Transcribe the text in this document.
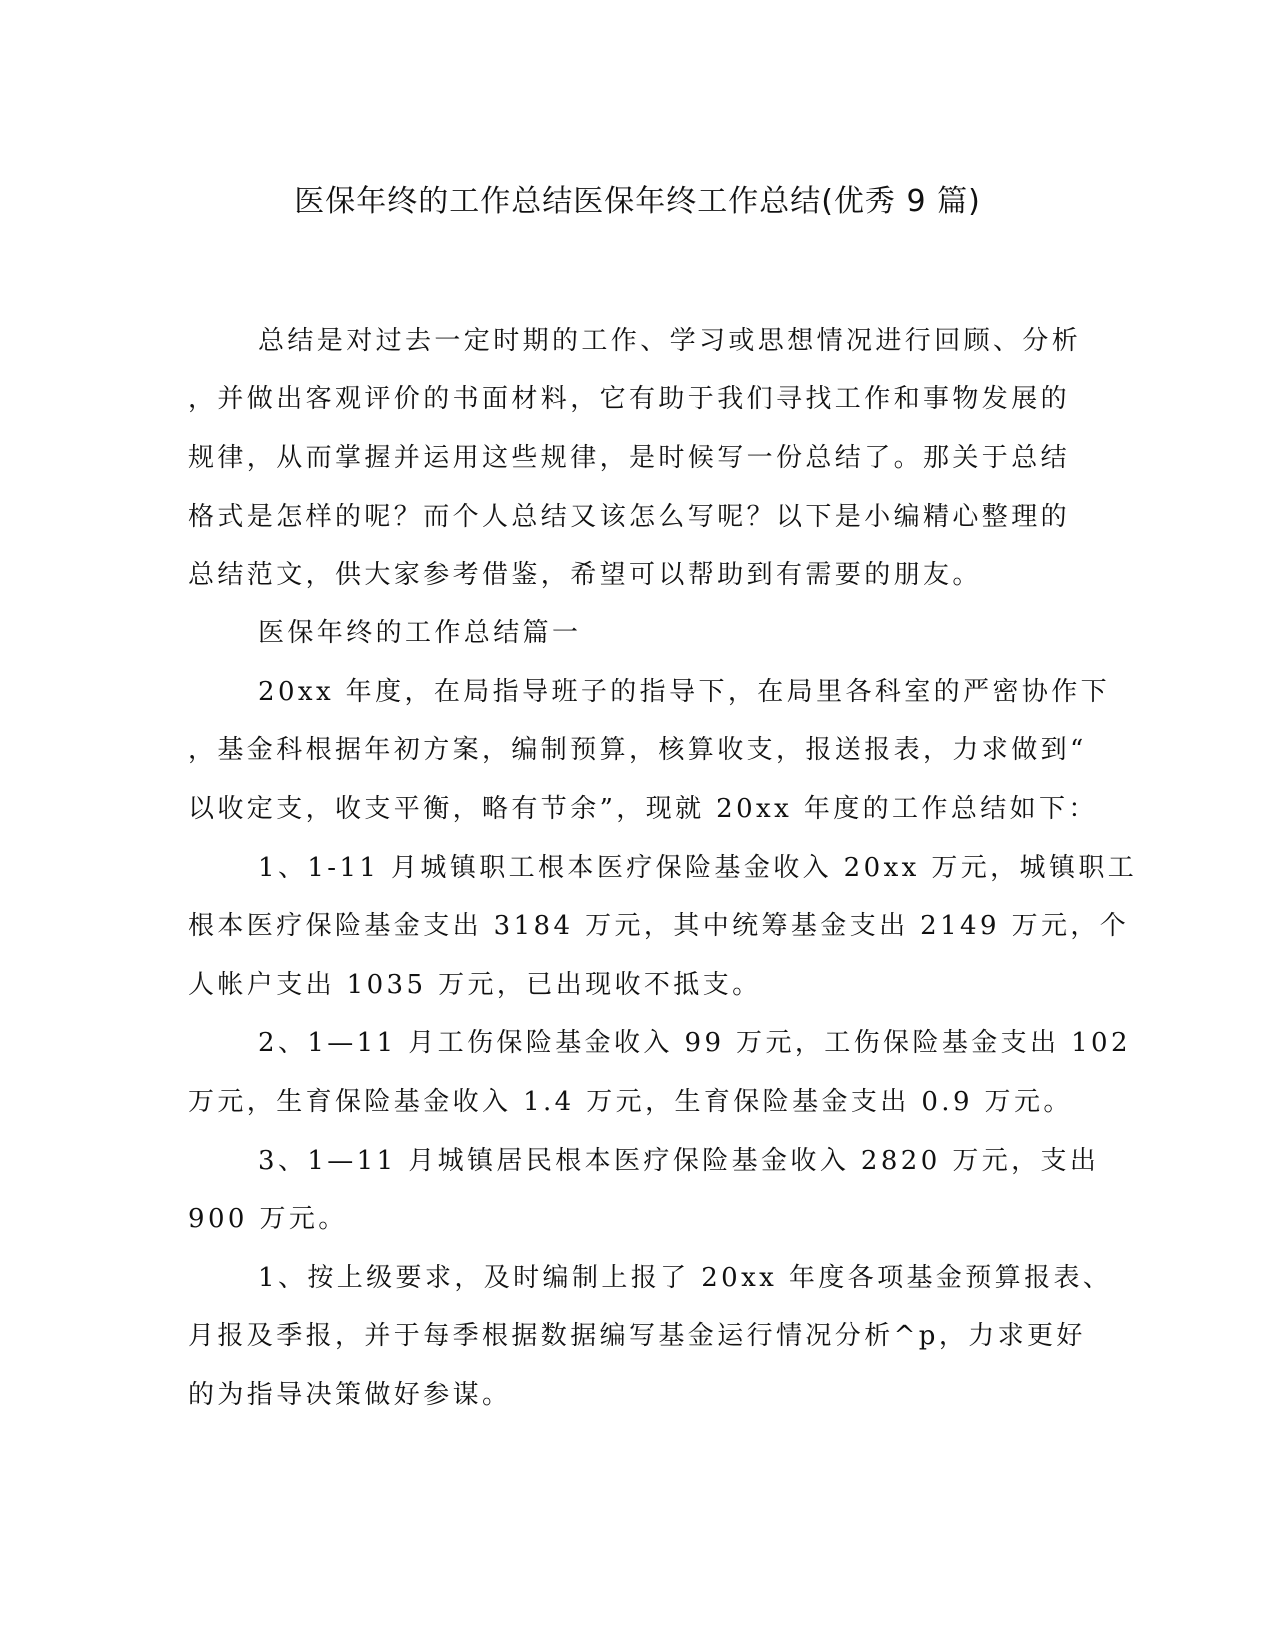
医保年终的工作总结医保年终工作总结(优秀 9 篇)
总结是对过去一定时期的工作、学习或思想情况进行回顾、分析
，并做出客观评价的书面材料，它有助于我们寻找工作和事物发展的
规律，从而掌握并运用这些规律，是时候写一份总结了。那关于总结
格式是怎样的呢？而个人总结又该怎么写呢？以下是小编精心整理的
总结范文，供大家参考借鉴，希望可以帮助到有需要的朋友。
医保年终的工作总结篇一
20xx 年度，在局指导班子的指导下，在局里各科室的严密协作下
，基金科根据年初方案，编制预算，核算收支，报送报表，力求做到“
以收定支，收支平衡，略有节余”，现就 20xx 年度的工作总结如下：
1、1-11 月城镇职工根本医疗保险基金收入 20xx 万元，城镇职工
根本医疗保险基金支出 3184 万元，其中统筹基金支出 2149 万元，个
人帐户支出 1035 万元，已出现收不抵支。
2、1—11 月工伤保险基金收入 99 万元，工伤保险基金支出 102
万元，生育保险基金收入 1.4 万元，生育保险基金支出 0.9 万元。
3、1—11 月城镇居民根本医疗保险基金收入 2820 万元，支出
900 万元。
1、按上级要求，及时编制上报了 20xx 年度各项基金预算报表、
月报及季报，并于每季根据数据编写基金运行情况分析^p，力求更好
的为指导决策做好参谋。
